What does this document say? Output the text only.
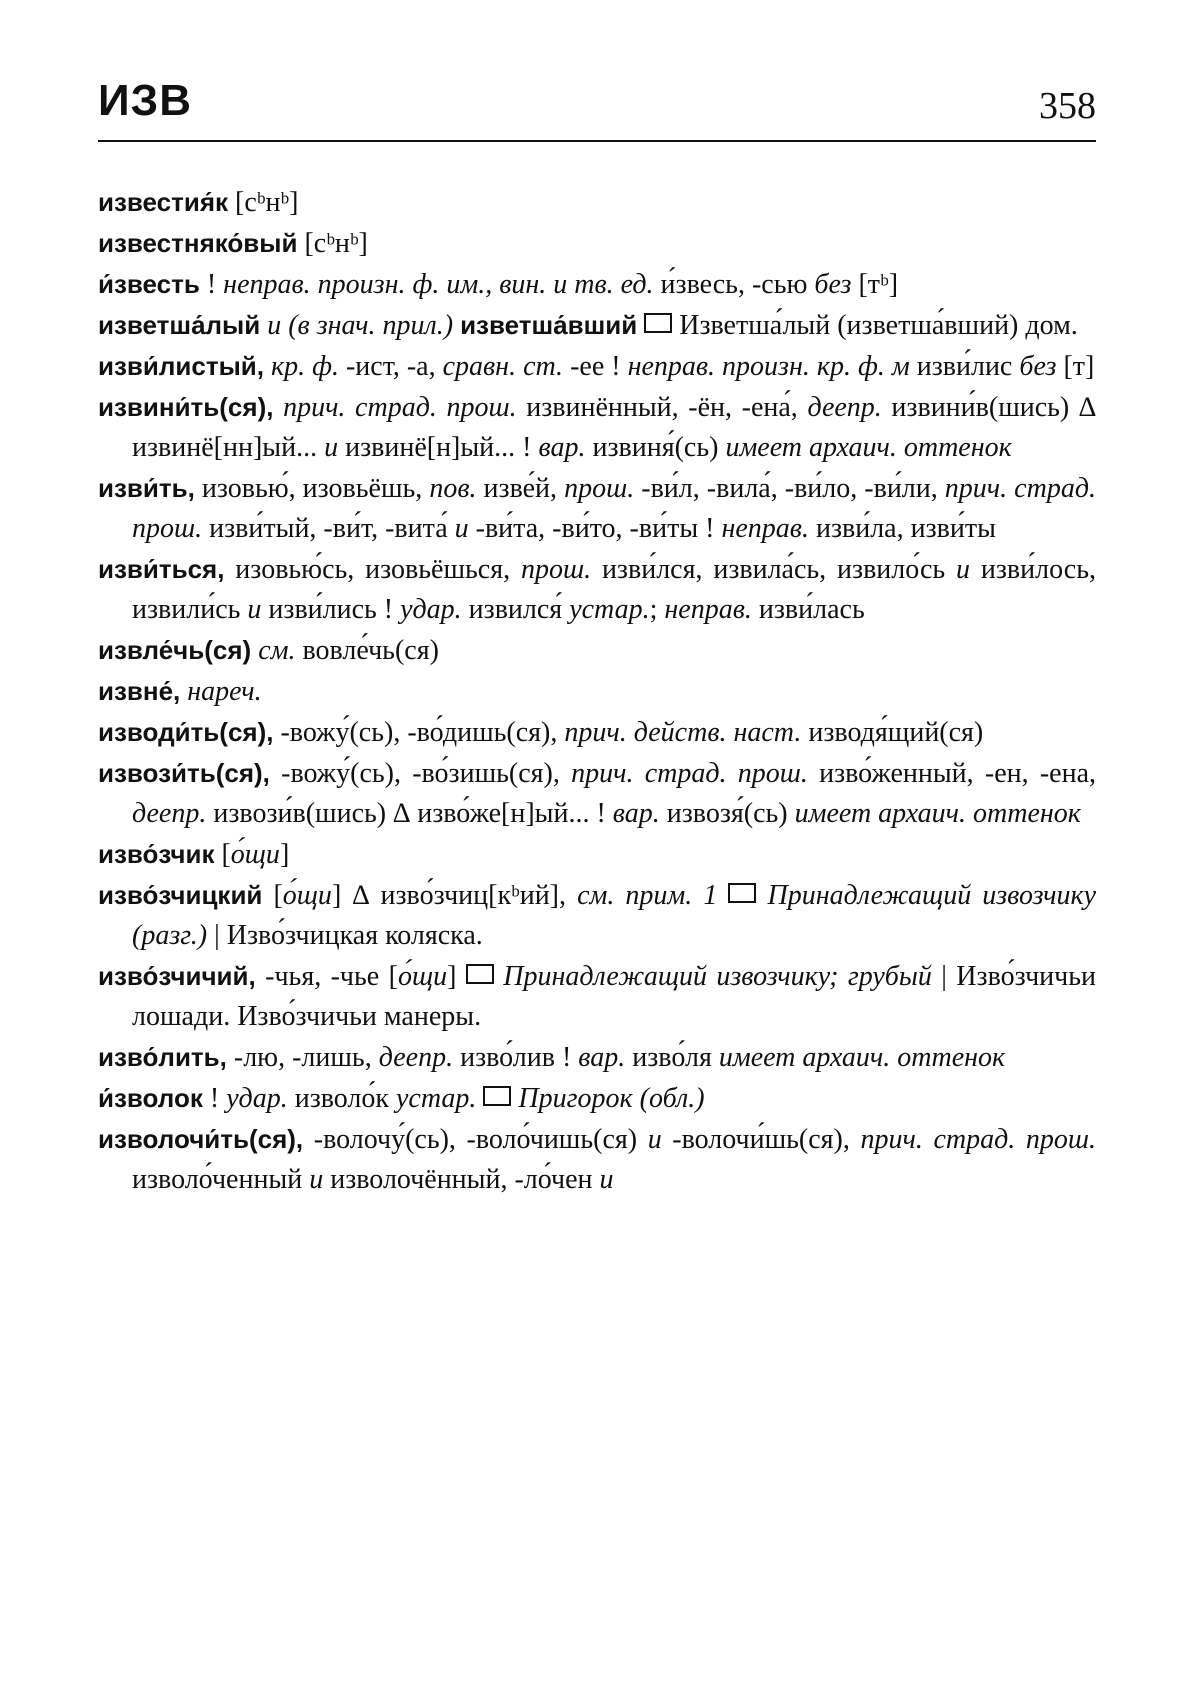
ИЗВ	358

известия́к [сᵇнᵇ]

известняко́вый [сᵇнᵇ]

и́звесть ! неправ. произн. ф. им., вин. и тв. ед. и́звесь, -сью без [тᵇ]

изветша́лый и (в знач. прил.) изветша́вший  Изветша́лый (изветша́вший) дом.

изви́листый, кр. ф. -ист, -а, сравн. ст. -ее ! неправ. произн. кр. ф. м изви́лис без [т]

извини́ть(ся), прич. страд. прош. извинённый, -ён, -ена́, деепр. извини́в(шись) ∆ извинё[нн]ый... и извинё[н]ый... ! вар. извиня́(сь) имеет архаич. оттенок

изви́ть, изовью́, изовьёшь, пов. изве́й, прош. -ви́л, -вила́, -ви́ло, -ви́ли, прич. страд. прош. изви́тый, -ви́т, -вита́ и -ви́та, -ви́то, -ви́ты ! неправ. изви́ла, изви́ты

изви́ться, изовью́сь, изовьёшься, прош. изви́лся, извила́сь, извило́сь и изви́лось, извили́сь и изви́лись ! удар. извился́ устар.; неправ. изви́лась

извле́чь(ся) см. вовле́чь(ся)

извне́, нареч.

изводи́ть(ся), -вожу́(сь), -во́дишь(ся), прич. действ. наст. изводя́щий(ся)

извози́ть(ся), -вожу́(сь), -во́зишь(ся), прич. страд. прош. изво́женный, -ен, -ена, деепр. извози́в(шись) ∆ изво́же[н]ый... ! вар. извозя́(сь) имеет архаич. оттенок

изво́зчик [о́щи]

изво́зчицкий [о́щи] ∆ изво́зчиц[кᵇий], см. прим. 1 Принадлежащий извозчику (разг.) | Изво́зчицкая коляска.

изво́зчичий, -чья, -чье [о́щи]  Принадлежащий извозчику; грубый | Изво́зчичьи лошади. Изво́зчичьи манеры.

изво́лить, -лю, -лишь, деепр. изво́лив ! вар. изво́ля имеет архаич. оттенок

и́зволок ! удар. изволо́к устар. Пригорок (обл.)

изволочи́ть(ся), -волочу́(сь), -воло́чишь(ся) и -волочи́шь(ся), прич. страд. прош. изволо́ченный и изволочённый, -ло́чен и
